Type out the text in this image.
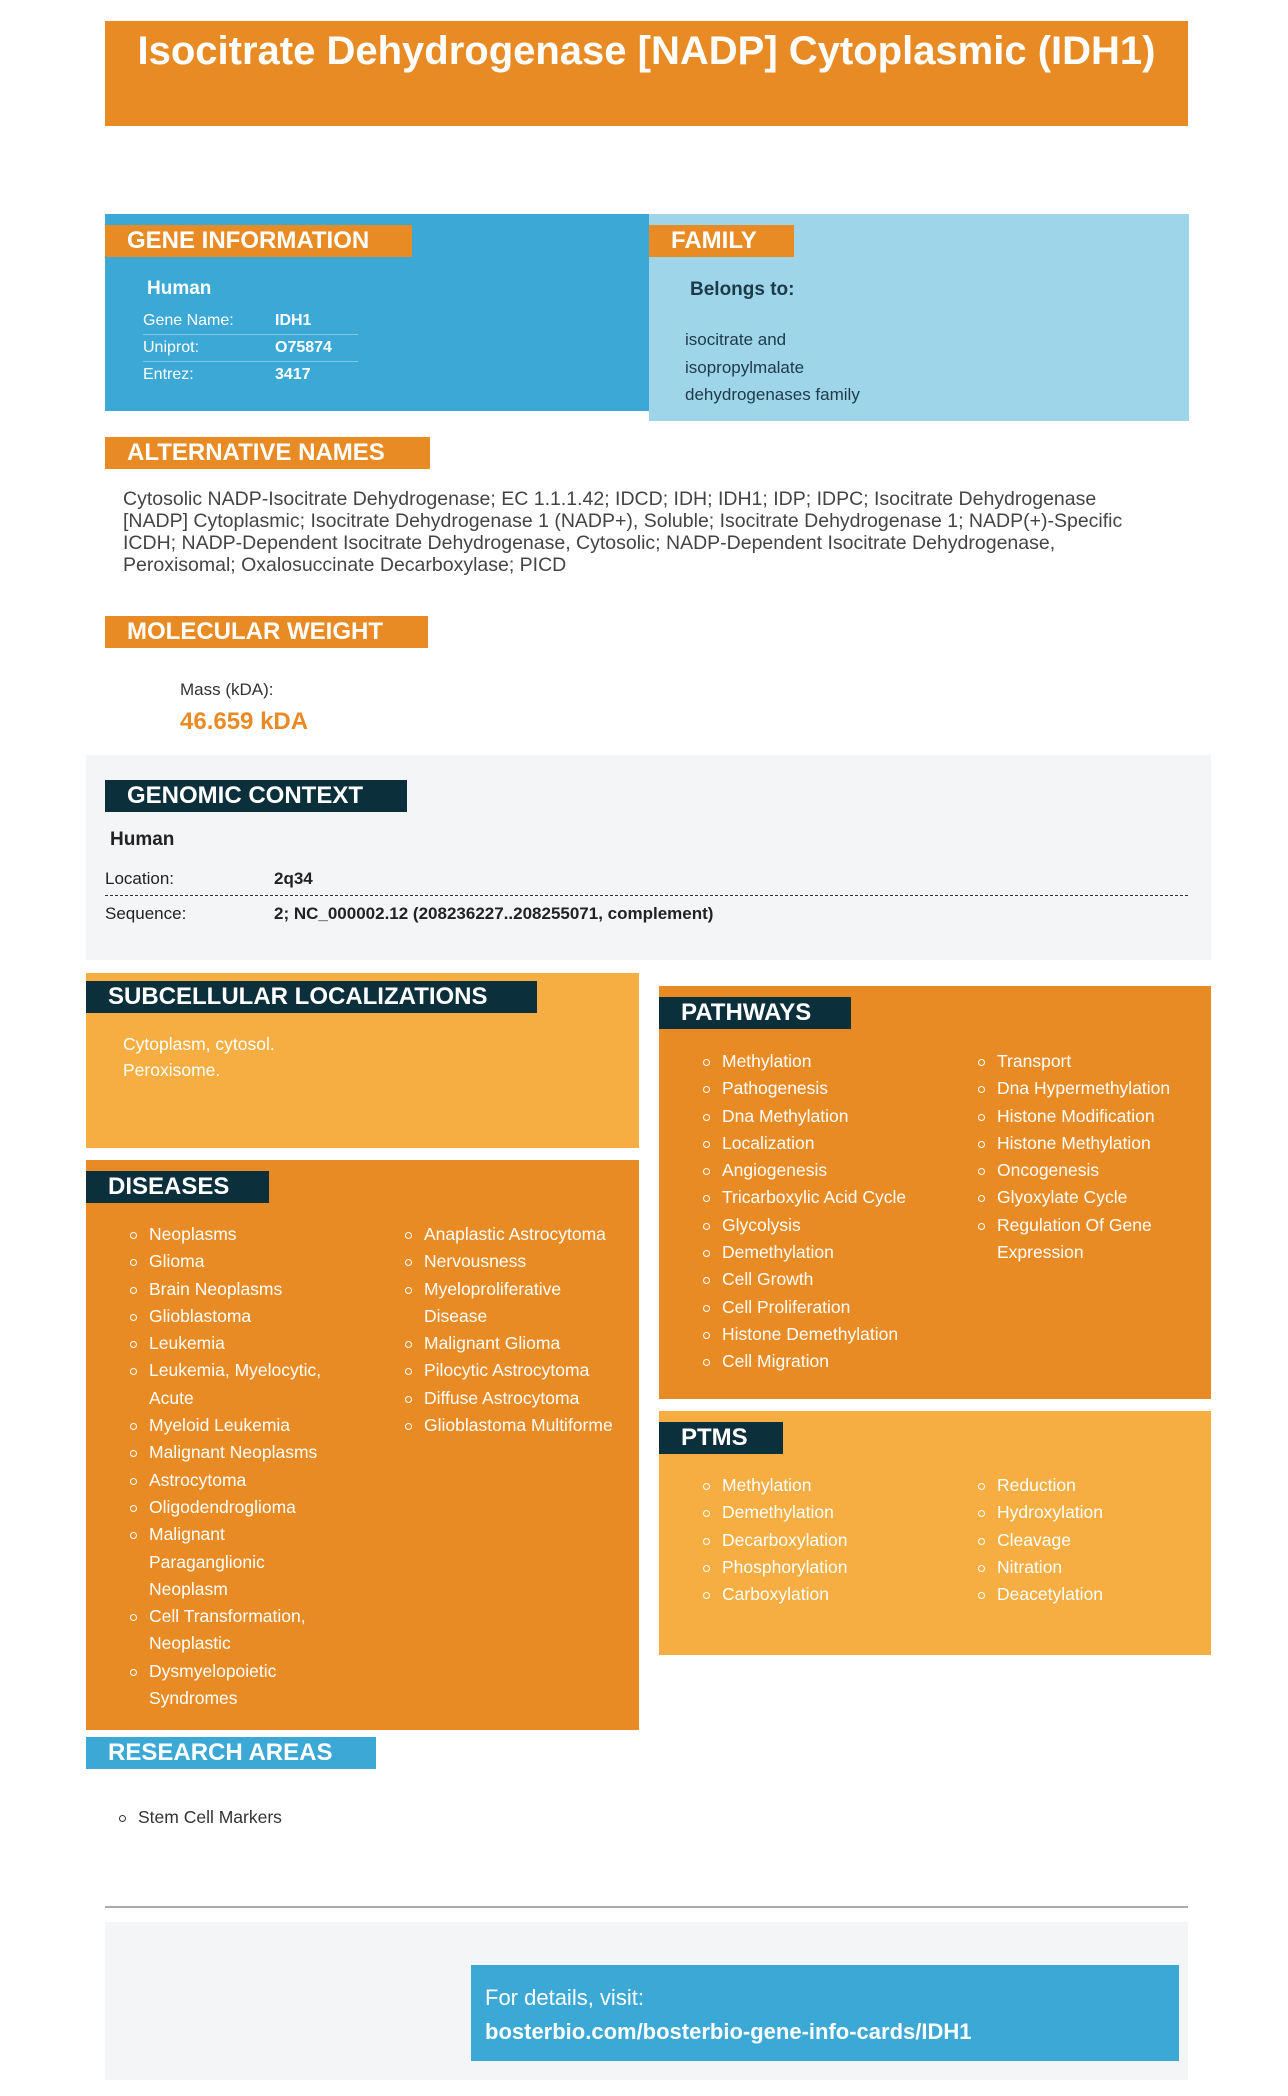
Isocitrate Dehydrogenase [NADP] Cytoplasmic (IDH1)
GENE INFORMATION
Human
Gene Name:	IDH1
Uniprot:	O75874
Entrez:	3417
FAMILY
Belongs to:
isocitrate and
isopropylmalate
dehydrogenases family
ALTERNATIVE NAMES
Cytosolic NADP-Isocitrate Dehydrogenase; EC 1.1.1.42; IDCD; IDH; IDH1; IDP; IDPC; Isocitrate Dehydrogenase [NADP] Cytoplasmic; Isocitrate Dehydrogenase 1 (NADP+), Soluble; Isocitrate Dehydrogenase 1; NADP(+)-Specific ICDH; NADP-Dependent Isocitrate Dehydrogenase, Cytosolic; NADP-Dependent Isocitrate Dehydrogenase, Peroxisomal; Oxalosuccinate Decarboxylase; PICD
MOLECULAR WEIGHT
Mass (kDA):
46.659 kDA
GENOMIC CONTEXT
Human
Location:	2q34
Sequence:	2; NC_000002.12 (208236227..208255071, complement)
SUBCELLULAR LOCALIZATIONS
Cytoplasm, cytosol.
Peroxisome.
DISEASES
Neoplasms
Glioma
Brain Neoplasms
Glioblastoma
Leukemia
Leukemia, Myelocytic, Acute
Myeloid Leukemia
Malignant Neoplasms
Astrocytoma
Oligodendroglioma
Malignant Paraganglionic Neoplasm
Cell Transformation, Neoplastic
Dysmyelopoietic Syndromes
Anaplastic Astrocytoma
Nervousness
Myeloproliferative Disease
Malignant Glioma
Pilocytic Astrocytoma
Diffuse Astrocytoma
Glioblastoma Multiforme
PATHWAYS
Methylation
Pathogenesis
Dna Methylation
Localization
Angiogenesis
Tricarboxylic Acid Cycle
Glycolysis
Demethylation
Cell Growth
Cell Proliferation
Histone Demethylation
Cell Migration
Transport
Dna Hypermethylation
Histone Modification
Histone Methylation
Oncogenesis
Glyoxylate Cycle
Regulation Of Gene Expression
PTMS
Methylation
Demethylation
Decarboxylation
Phosphorylation
Carboxylation
Reduction
Hydroxylation
Cleavage
Nitration
Deacetylation
RESEARCH AREAS
Stem Cell Markers
For details, visit:
bosterbio.com/bosterbio-gene-info-cards/IDH1
